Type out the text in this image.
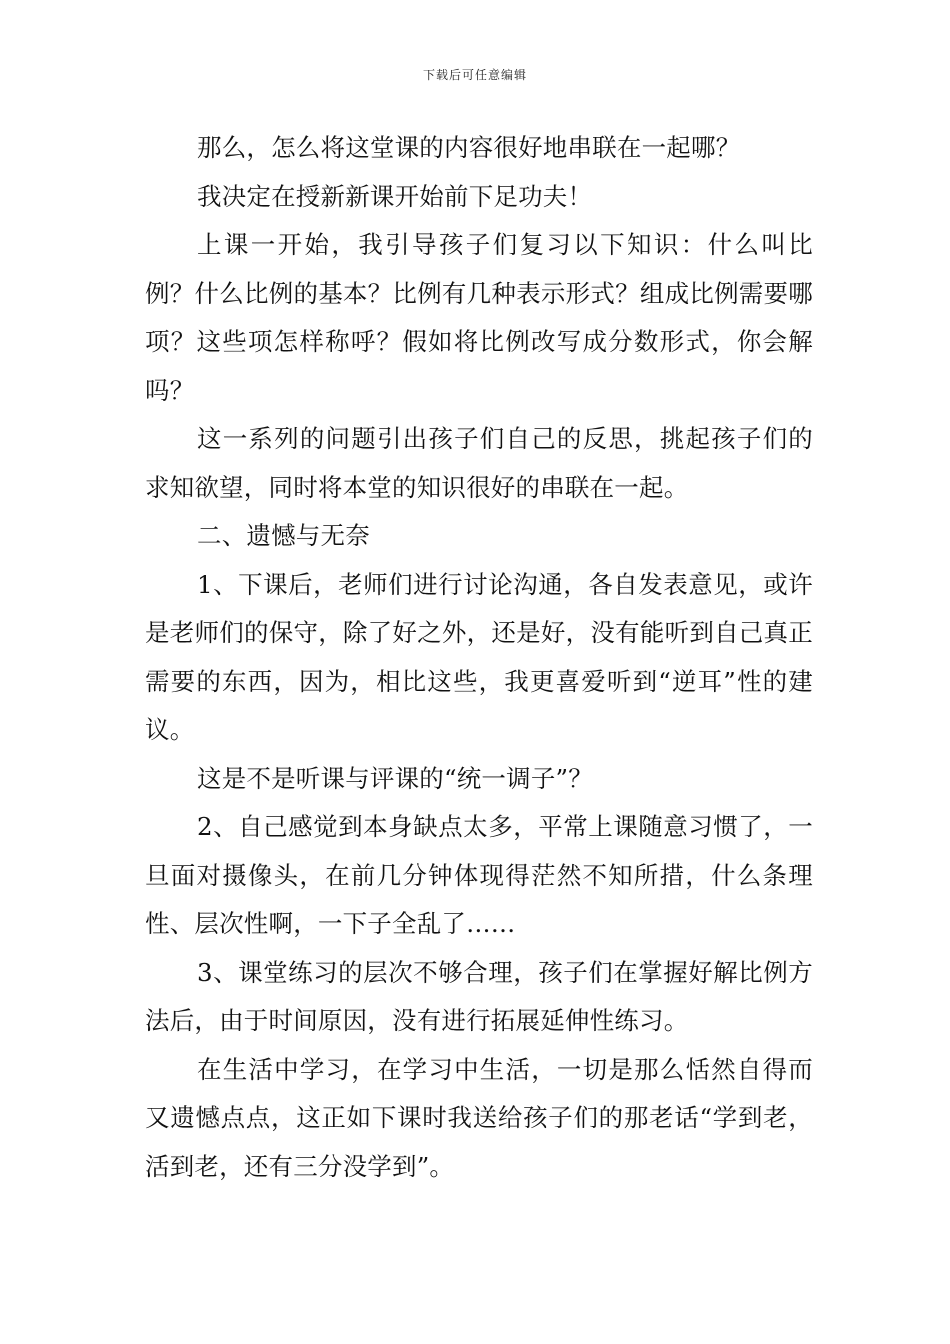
下载后可任意编辑

那么，怎么将这堂课的内容很好地串联在一起哪？

我决定在授新新课开始前下足功夫！

上课一开始，我引导孩子们复习以下知识：什么叫比例？什么比例的基本？比例有几种表示形式？组成比例需要哪项？这些项怎样称呼？假如将比例改写成分数形式，你会解吗？

这一系列的问题引出孩子们自己的反思，挑起孩子们的求知欲望，同时将本堂的知识很好的串联在一起。

二、遗憾与无奈

1、下课后，老师们进行讨论沟通，各自发表意见，或许是老师们的保守，除了好之外，还是好，没有能听到自己真正需要的东西，因为，相比这些，我更喜爱听到“逆耳”性的建议。

这是不是听课与评课的“统一调子”？

2、自己感觉到本身缺点太多，平常上课随意习惯了，一旦面对摄像头，在前几分钟体现得茫然不知所措，什么条理性、层次性啊，一下子全乱了……

3、课堂练习的层次不够合理，孩子们在掌握好解比例方法后，由于时间原因，没有进行拓展延伸性练习。

在生活中学习，在学习中生活，一切是那么恬然自得而又遗憾点点，这正如下课时我送给孩子们的那老话“学到老，活到老，还有三分没学到”。
